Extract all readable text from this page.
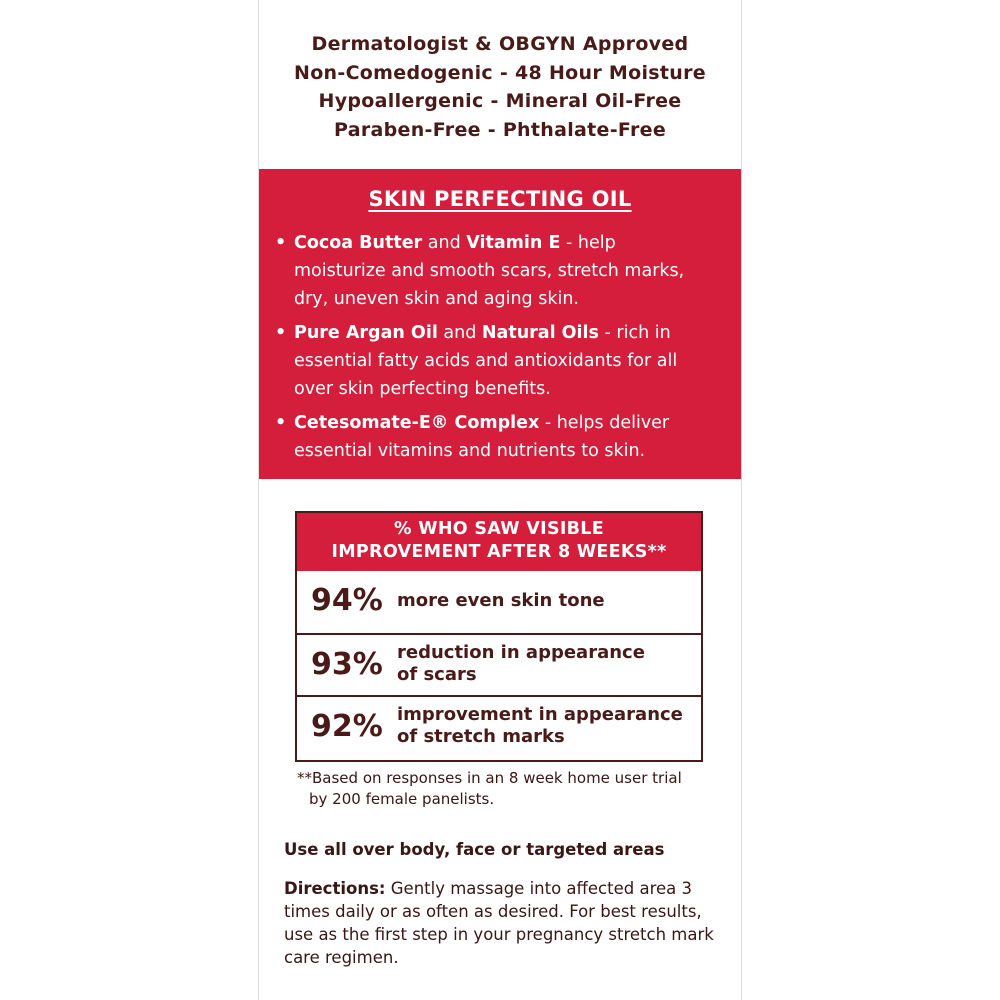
Dermatologist & OBGYN Approved
Non-Comedogenic - 48 Hour Moisture
Hypoallergenic - Mineral Oil-Free
Paraben-Free - Phthalate-Free
SKIN PERFECTING OIL
• Cocoa Butter and Vitamin E - help
moisturize and smooth scars, stretch marks,
dry, uneven skin and aging skin.
• Pure Argan Oil and Natural Oils - rich in
essential fatty acids and antioxidants for all
over skin perfecting benefits.
• Cetesomate-E® Complex - helps deliver
essential vitamins and nutrients to skin.
% WHO SAW VISIBLE
IMPROVEMENT AFTER 8 WEEKS**
94% more even skin tone
93% reduction in appearance
of scars
92% improvement in appearance
of stretch marks
**Based on responses in an 8 week home user trial
by 200 female panelists.
Use all over body, face or targeted areas
Directions: Gently massage into affected area 3
times daily or as often as desired. For best results,
use as the first step in your pregnancy stretch mark
care regimen.
